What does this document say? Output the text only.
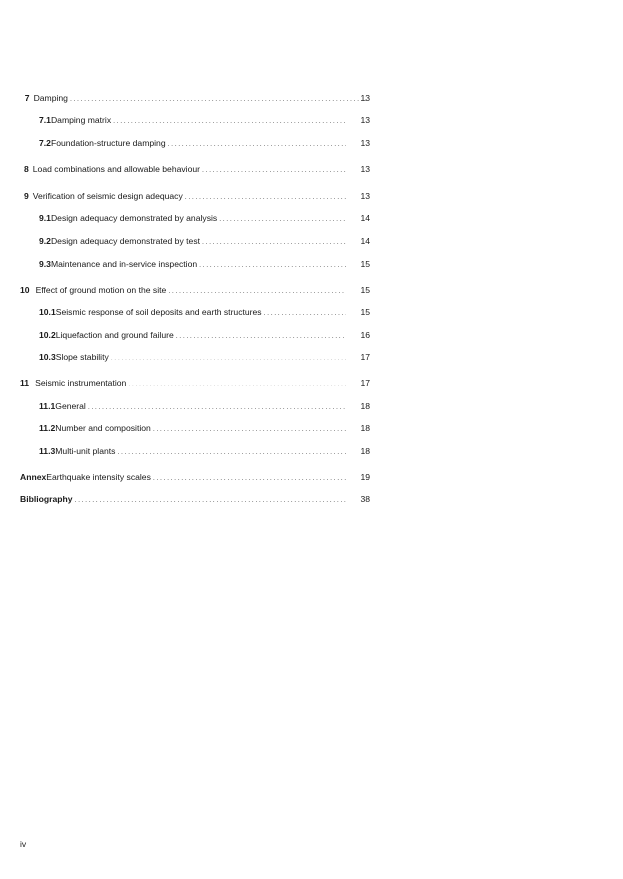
7 Damping .....	13
7.1 Damping matrix .....	13
7.2 Foundation-structure damping .....	13
8 Load combinations and allowable behaviour .....	13
9 Verification of seismic design adequacy .....	13
9.1 Design adequacy demonstrated by analysis .....	14
9.2 Design adequacy demonstrated by test .....	14
9.3 Maintenance and in-service inspection .....	15
10 Effect of ground motion on the site .....	15
10.1 Seismic response of soil deposits and earth structures .....	15
10.2 Liquefaction and ground failure .....	16
10.3 Slope stability .....	17
11 Seismic instrumentation .....	17
11.1 General .....	18
11.2 Number and composition .....	18
11.3 Multi-unit plants .....	18
Annex Earthquake intensity scales .....	19
Bibliography .....	38
iv
